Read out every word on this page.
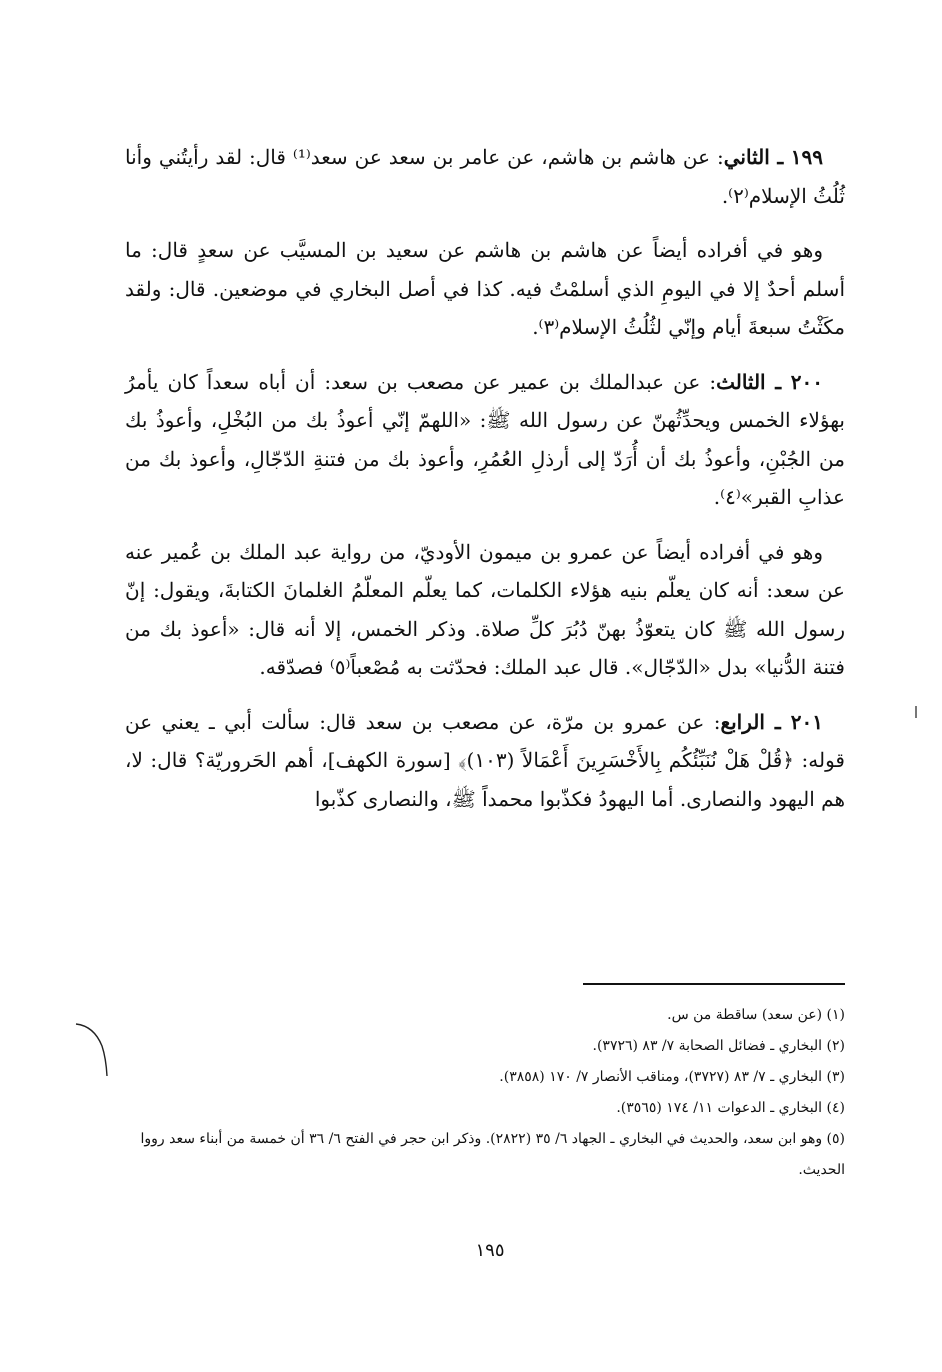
١٩٩ ـ الثاني: عن هاشم بن هاشم، عن عامر بن سعد عن سعد⁽¹⁾ قال: لقد رأيتُني وأنا ثُلُثُ الإسلام⁽٢⁾.

وهو في أفراده أيضاً عن هاشم بن هاشم عن سعيد بن المسيَّب عن سعدٍ قال: ما أسلم أحدٌ إلا في اليومِ الذي أسلمْتُ فيه. كذا في أصل البخاري في موضعين. قال: ولقد مكَثْتُ سبعةَ أيام وإنّي لثُلُثُ الإسلام⁽٣⁾.

٢٠٠ ـ الثالث: عن عبدالملك بن عمير عن مصعب بن سعد: أن أباه سعداً كان يأمرُ بهؤلاء الخمس ويحدِّثُهنّ عن رسول الله ﷺ: «اللهمّ إنّي أعوذُ بك من البُخْلِ، وأعوذُ بك من الجُبْنِ، وأعوذُ بك أن أُرَدّ إلى أرذلِ العُمُرِ، وأعوذ بك من فتنةِ الدّجّالِ، وأعوذ بك من عذابِ القبر»⁽٤⁾.

وهو في أفراده أيضاً عن عمرو بن ميمون الأوديّ، من رواية عبد الملك بن عُمير عنه عن سعد: أنه كان يعلّم بنيه هؤلاء الكلمات، كما يعلّم المعلّمُ الغلمانَ الكتابةَ، ويقول: إنّ رسول الله ﷺ كان يتعوّذُ بهنّ دُبُرَ كلِّ صلاة. وذكر الخمس، إلا أنه قال: «أعوذ بك من فتنة الدُّنيا» بدل «الدّجّال». قال عبد الملك: فحدّثت به مُصْعباً⁽٥⁾ فصدّقه.

٢٠١ ـ الرابع: عن عمرو بن مرّة، عن مصعب بن سعد قال: سألت أبي ـ يعني عن قوله: ﴿قُلْ هَلْ نُنَبِّئُكُم بِالأَخْسَرِينَ أَعْمَالاً (١٠٣)﴾ [سورة الكهف]، أهم الحَروريّة؟ قال: لا، هم اليهود والنصارى. أما اليهودُ فكذّبوا محمداً ﷺ، والنصارى كذّبوا

(١) (عن سعد) ساقطة من س.

(٢) البخاري ـ فضائل الصحابة ٧/ ٨٣ (٣٧٢٦).

(٣) البخاري ـ ٧/ ٨٣ (٣٧٢٧)، ومناقب الأنصار ٧/ ١٧٠ (٣٨٥٨).

(٤) البخاري ـ الدعوات ١١/ ١٧٤ (٣٥٦٥).

(٥) وهو ابن سعد، والحديث في البخاري ـ الجهاد ٦/ ٣٥ (٢٨٢٢). وذكر ابن حجر في الفتح ٦/ ٣٦ أن خمسة من أبناء سعد رووا الحديث.

١٩٥
